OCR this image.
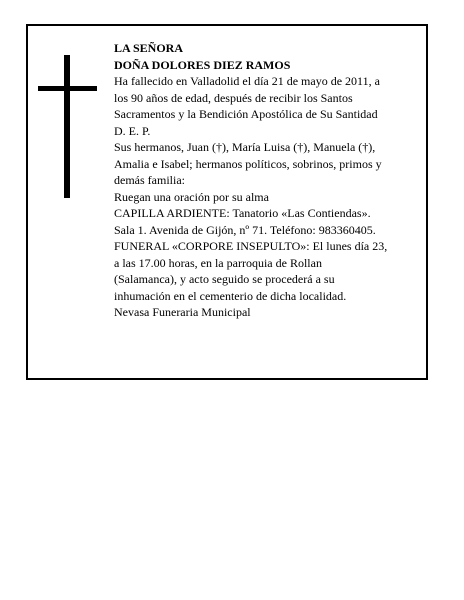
LA SEÑORA

DOÑA DOLORES DIEZ RAMOS

Ha fallecido en Valladolid el día 21 de mayo de 2011, a

los 90 años de edad, después de recibir los Santos

Sacramentos y la Bendición Apostólica de Su Santidad

D. E. P.

Sus hermanos, Juan (†), María Luisa (†), Manuela (†),

Amalia e Isabel; hermanos políticos, sobrinos, primos y

demás familia:

Ruegan una oración por su alma

CAPILLA ARDIENTE: Tanatorio «Las Contiendas».

Sala 1. Avenida de Gijón, nº 71. Teléfono: 983360405.

FUNERAL «CORPORE INSEPULTO»: El lunes día 23,

a las 17.00 horas, en la parroquia de Rollan

(Salamanca), y acto seguido se procederá a su

inhumación en el cementerio de dicha localidad.

Nevasa Funeraria Municipal
